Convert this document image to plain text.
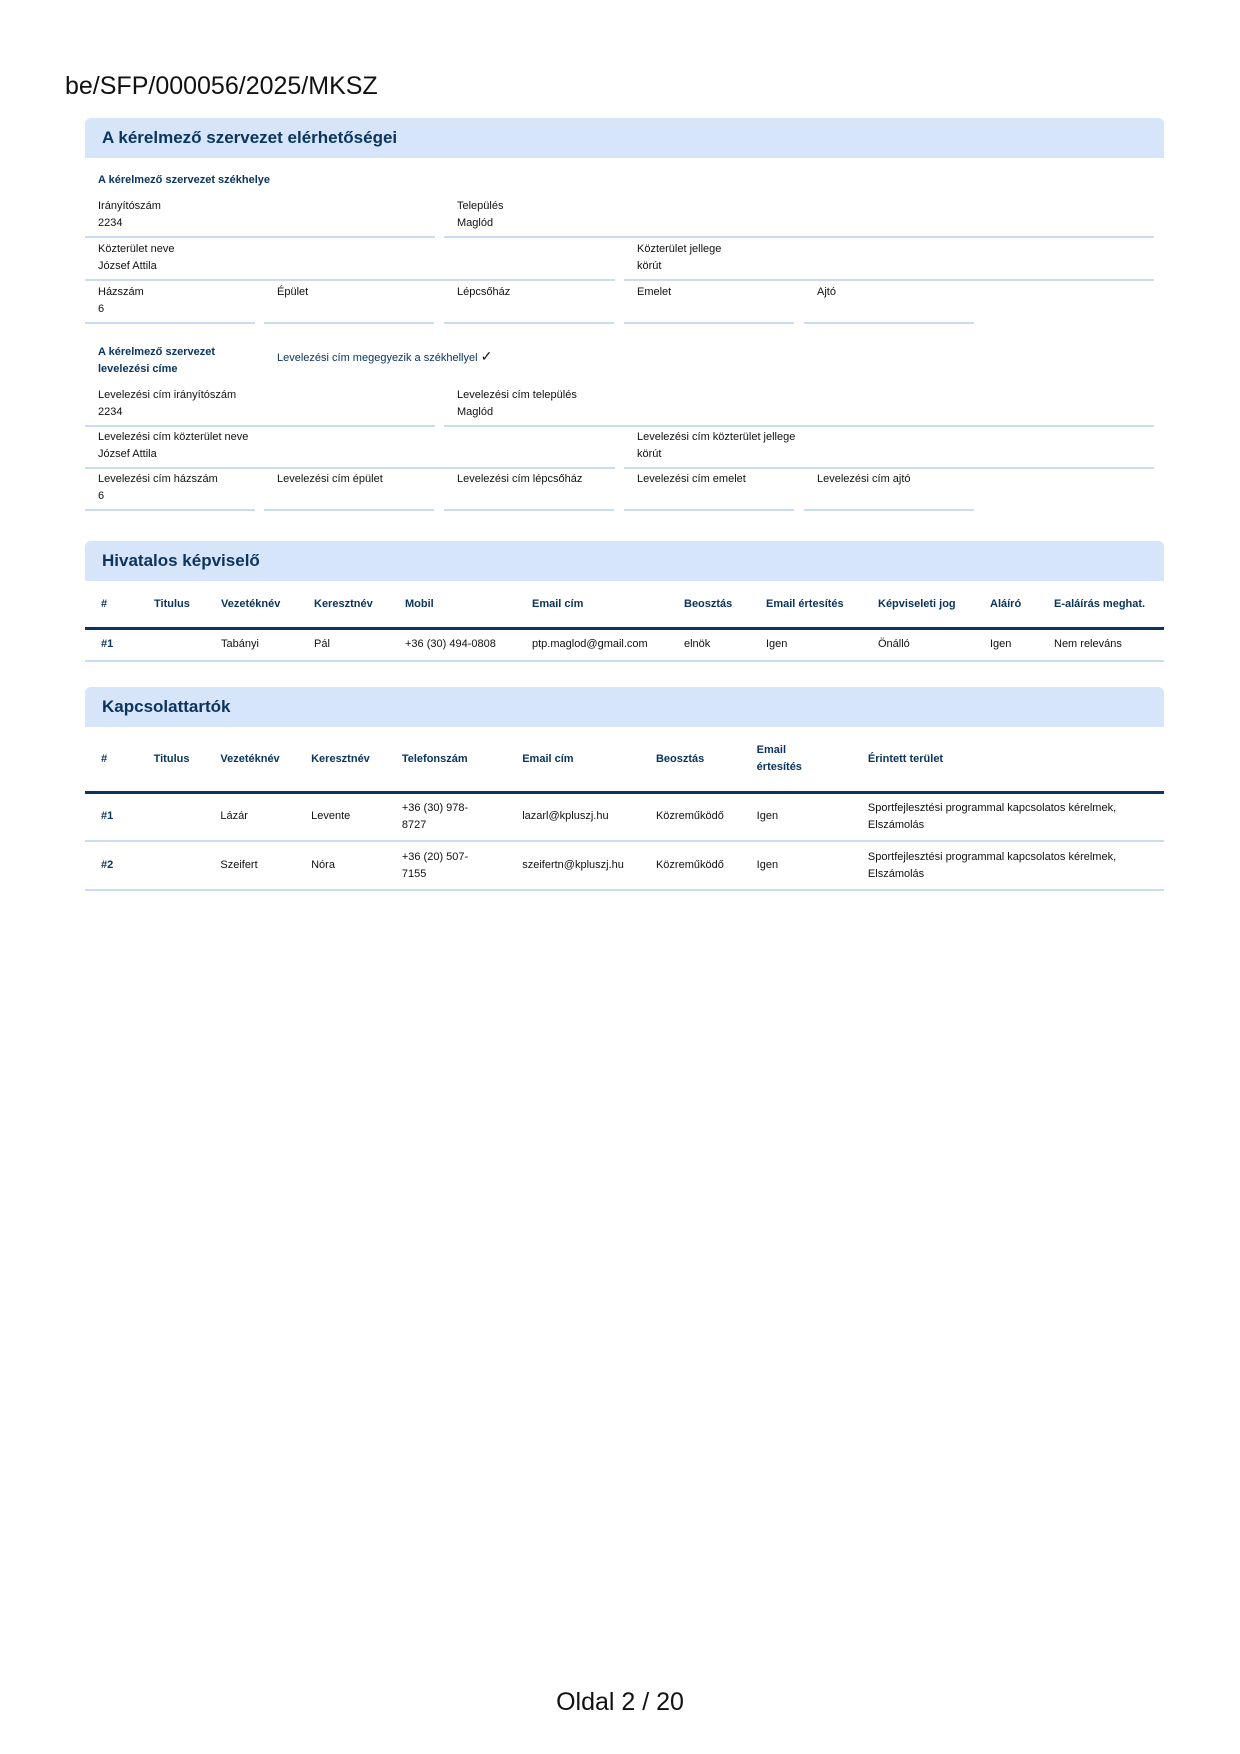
be/SFP/000056/2025/MKSZ
A kérelmező szervezet elérhetőségei
A kérelmező szervezet székhelye
Irányítószám
2234
Település
Maglód
Közterület neve
József Attila
Közterület jellege
körút
Házszám
6
Épület	Lépcsőház	Emelet	Ajtó
A kérelmező szervezet levelezési címe
Levelezési cím megegyezik a székhellyel ✓
Levelezési cím irányítószám
2234
Levelezési cím település
Maglód
Levelezési cím közterület neve
József Attila
Levelezési cím közterület jellege
körút
Levelezési cím házszám
6
Levelezési cím épület	Levelezési cím lépcsőház	Levelezési cím emelet	Levelezési cím ajtó
Hivatalos képviselő
#	Titulus	Vezetéknév	Keresztnév	Mobil	Email cím	Beosztás	Email értesítés	Képviseleti jog	Aláíró	E-aláírás meghat.
#1		Tabányi	Pál	+36 (30) 494-0808	ptp.maglod@gmail.com	elnök	Igen	Önálló	Igen	Nem releváns
Kapcsolattartók
#	Titulus	Vezetéknév	Keresztnév	Telefonszám	Email cím	Beosztás	Email értesítés	Érintett terület
#1		Lázár	Levente	+36 (30) 978-8727	lazarl@kpluszj.hu	Közreműködő	Igen	Sportfejlesztési programmal kapcsolatos kérelmek, Elszámolás
#2		Szeifert	Nóra	+36 (20) 507-7155	szeifertn@kpluszj.hu	Közreműködő	Igen	Sportfejlesztési programmal kapcsolatos kérelmek, Elszámolás
Oldal 2 / 20
